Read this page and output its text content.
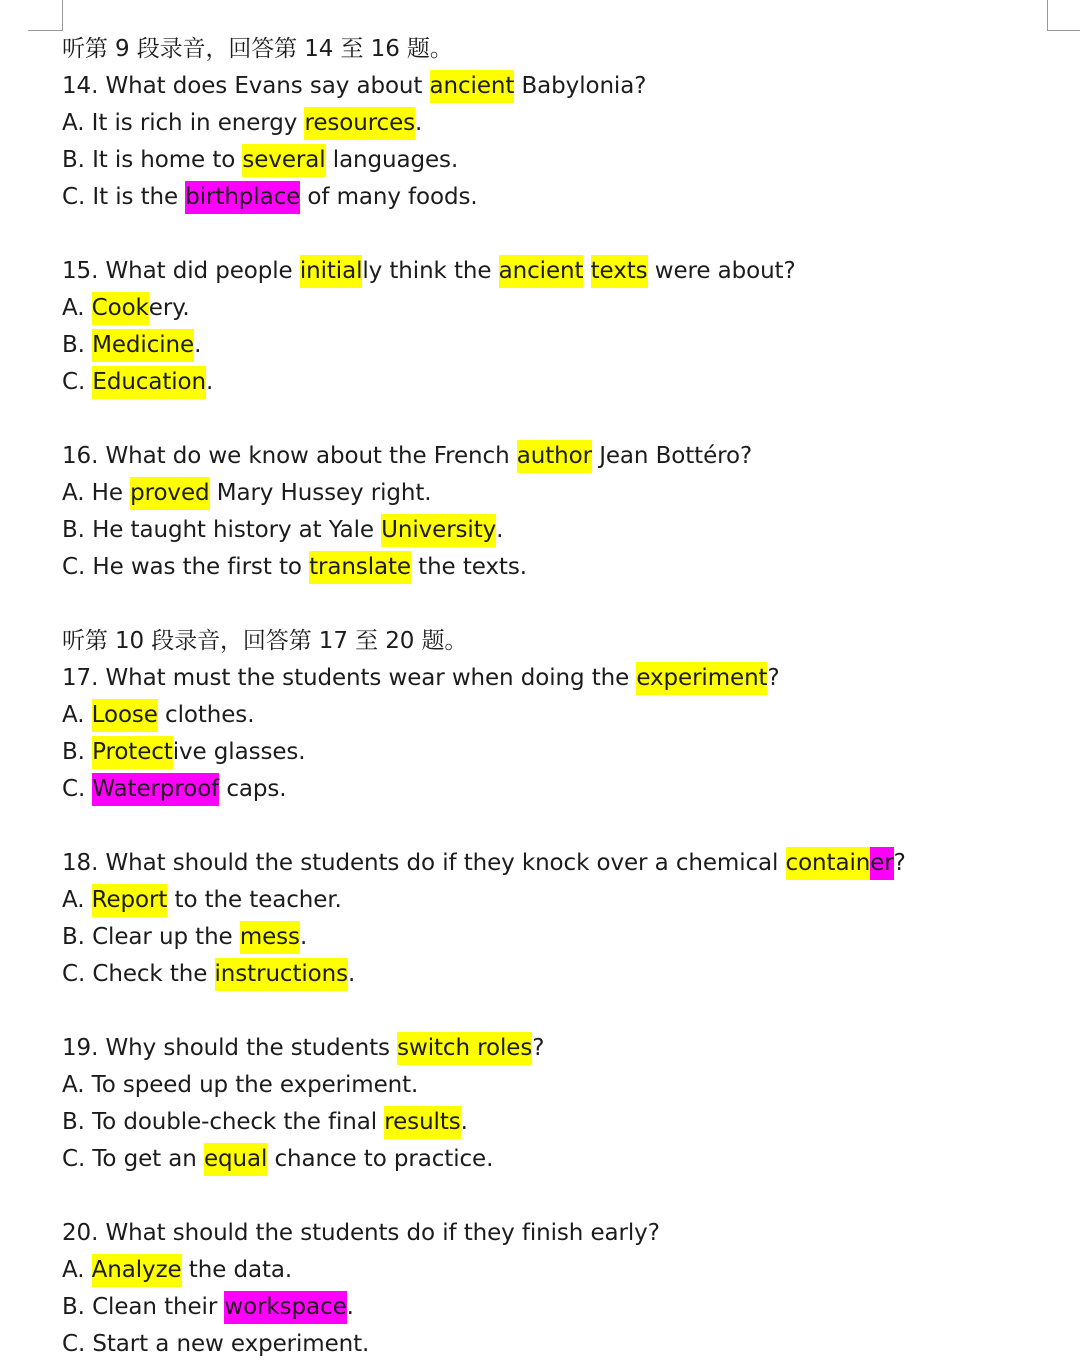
听第 9 段录音，回答第 14 至 16 题。
14. What does Evans say about ancient Babylonia?
A. It is rich in energy resources.
B. It is home to several languages.
C. It is the birthplace of many foods.
15. What did people initially think the ancient texts were about?
A. Cookery.
B. Medicine.
C. Education.
16. What do we know about the French author Jean Bottéro?
A. He proved Mary Hussey right.
B. He taught history at Yale University.
C. He was the first to translate the texts.
听第 10 段录音，回答第 17 至 20 题。
17. What must the students wear when doing the experiment?
A. Loose clothes.
B. Protective glasses.
C. Waterproof caps.
18. What should the students do if they knock over a chemical container?
A. Report to the teacher.
B. Clear up the mess.
C. Check the instructions.
19. Why should the students switch roles?
A. To speed up the experiment.
B. To double-check the final results.
C. To get an equal chance to practice.
20. What should the students do if they finish early?
A. Analyze the data.
B. Clean their workspace.
C. Start a new experiment.
